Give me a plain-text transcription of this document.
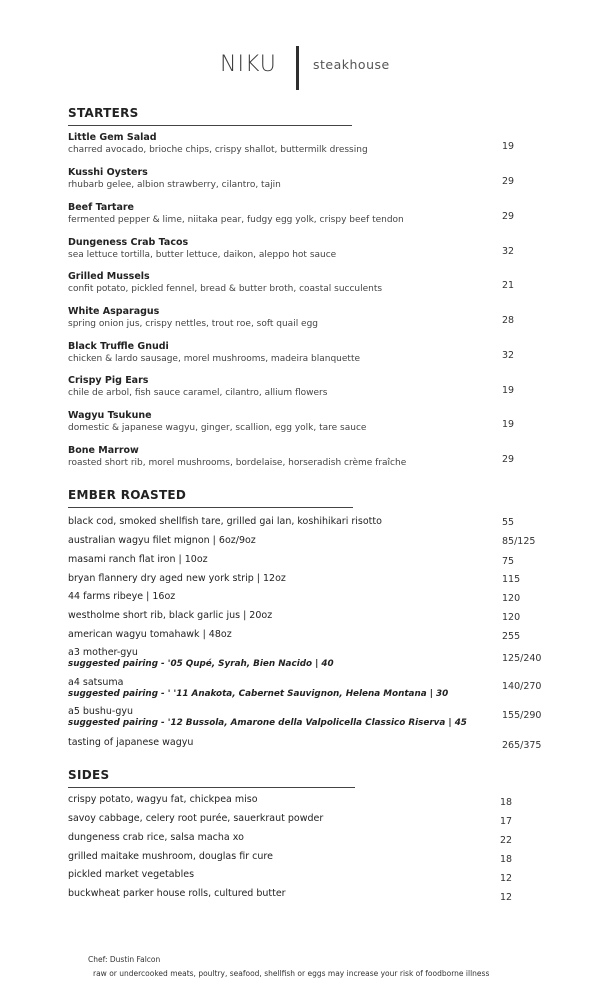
NIKU	steakhouse
STARTERS
Little Gem Salad
charred avocado, brioche chips, crispy shallot, buttermilk dressing	19
Kusshi Oysters
rhubarb gelee, albion strawberry, cilantro, tajin	29
Beef Tartare
fermented pepper & lime, niitaka pear, fudgy egg yolk, crispy beef tendon	29
Dungeness Crab Tacos
sea lettuce tortilla, butter lettuce, daikon, aleppo hot sauce	32
Grilled Mussels
confit potato, pickled fennel, bread & butter broth, coastal succulents	21
White Asparagus
spring onion jus, crispy nettles, trout roe, soft quail egg	28
Black Truffle Gnudi
chicken & lardo sausage, morel mushrooms, madeira blanquette	32
Crispy Pig Ears
chile de arbol, fish sauce caramel, cilantro, allium flowers	19
Wagyu Tsukune
domestic & japanese wagyu, ginger, scallion, egg yolk, tare sauce	19
Bone Marrow
roasted short rib, morel mushrooms, bordelaise, horseradish crème fraîche	29
EMBER ROASTED
black cod, smoked shellfish tare, grilled gai lan, koshihikari risotto	55
australian wagyu filet mignon | 6oz/9oz	85/125
masami ranch flat iron | 10oz	75
bryan flannery dry aged new york strip | 12oz	115
44 farms ribeye | 16oz	120
westholme short rib, black garlic jus | 20oz	120
american wagyu tomahawk | 48oz	255
a3 mother-gyu
suggested pairing - '05 Qupé, Syrah, Bien Nacido | 40	125/240
a4 satsuma
suggested pairing - ' '11 Anakota, Cabernet Sauvignon, Helena Montana | 30
140/270
a5 bushu-gyu
suggested pairing - '12 Bussola, Amarone della Valpolicella Classico Riserva | 45
155/290
tasting of japanese wagyu	265/375
SIDES
crispy potato, wagyu fat, chickpea miso	18
savoy cabbage, celery root purée, sauerkraut powder	17
dungeness crab rice, salsa macha xo	22
grilled maitake mushroom, douglas fir cure	18
pickled market vegetables	12
buckwheat parker house rolls, cultured butter	12
Chef: Dustin Falcon
raw or undercooked meats, poultry, seafood, shellfish or eggs may increase your risk of foodborne illness
